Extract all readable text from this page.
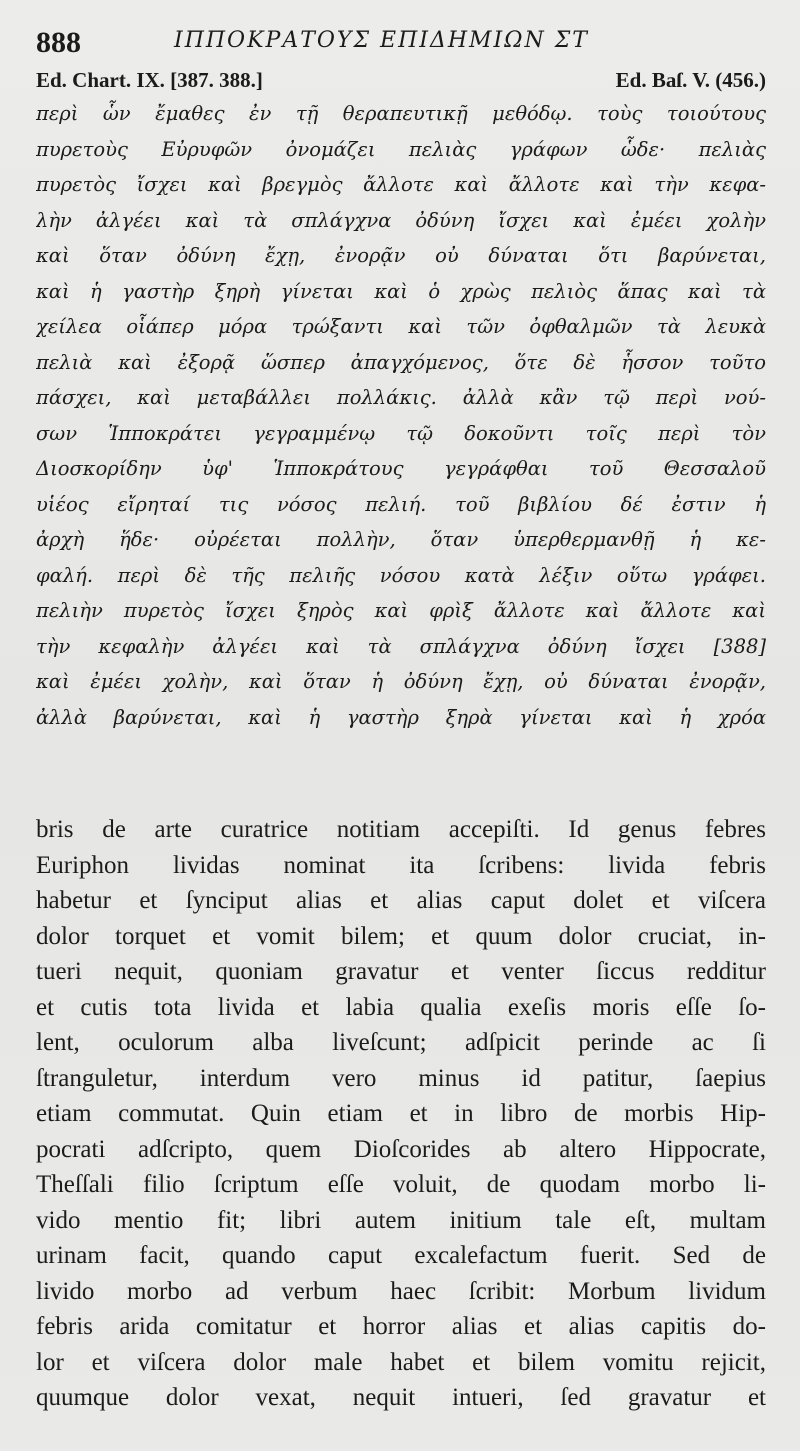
888	ΙΠΠΟΚΡΑΤΟΥΣ ΕΠΙΔΗΜΙΩΝ ΣΤ
Ed. Chart. IX. [387. 388.]	Ed. Baſ. V. (456.)
περὶ ὧν ἔμαθες ἐν τῇ θεραπευτικῇ μεθόδῳ. τοὺς τοιούτους
πυρετοὺς Εὐρυφῶν ὀνομάζει πελιὰς γράφων ὧδε· πελιὰς
πυρετὸς ἴσχει καὶ βρεγμὸς ἄλλοτε καὶ ἄλλοτε καὶ τὴν κεφα-
λὴν ἀλγέει καὶ τὰ σπλάγχνα ὀδύνη ἴσχει καὶ ἐμέει χολὴν
καὶ ὅταν ὀδύνη ἔχῃ, ἐνορᾷν οὐ δύναται ὅτι βαρύνεται,
καὶ ἡ γαστὴρ ξηρὴ γίνεται καὶ ὁ χρὼς πελιὸς ἅπας καὶ τὰ
χείλεα οἷάπερ μόρα τρώξαντι καὶ τῶν ὀφθαλμῶν τὰ λευκὰ
πελιὰ καὶ ἐξορᾷ ὥσπερ ἀπαγχόμενος, ὅτε δὲ ἧσσον τοῦτο
πάσχει, καὶ μεταβάλλει πολλάκις. ἀλλὰ κἂν τῷ περὶ νού-
σων Ἱπποκράτει γεγραμμένῳ τῷ δοκοῦντι τοῖς περὶ τὸν
Διοσκορίδην ὑφ' Ἱπποκράτους γεγράφθαι τοῦ Θεσσαλοῦ
υἱέος εἴρηταί τις νόσος πελιή. τοῦ βιβλίου δέ ἐστιν ἡ
ἀρχὴ ἥδε· οὐρέεται πολλὴν, ὅταν ὑπερθερμανθῇ ἡ κε-
φαλή. περὶ δὲ τῆς πελιῆς νόσου κατὰ λέξιν οὕτω γράφει.
πελιὴν πυρετὸς ἴσχει ξηρὸς καὶ φρὶξ ἄλλοτε καὶ ἄλλοτε καὶ
τὴν κεφαλὴν ἀλγέει καὶ τὰ σπλάγχνα ὀδύνη ἴσχει [388]
καὶ ἐμέει χολὴν, καὶ ὅταν ἡ ὀδύνη ἔχῃ, οὐ δύναται ἐνορᾷν,
ἀλλὰ βαρύνεται, καὶ ἡ γαστὴρ ξηρὰ γίνεται καὶ ἡ χρόα
bris de arte curatrice notitiam accepiſti. Id genus febres
Euriphon lividas nominat ita ſcribens: livida febris
habetur et ſynciput alias et alias caput dolet et viſcera
dolor torquet et vomit bilem; et quum dolor cruciat, in-
tueri nequit, quoniam gravatur et venter ſiccus redditur
et cutis tota livida et labia qualia exeſis moris eſſe ſo-
lent, oculorum alba liveſcunt; adſpicit perinde ac ſi
ſtranguletur, interdum vero minus id patitur, ſaepius
etiam commutat. Quin etiam et in libro de morbis Hip-
pocrati adſcripto, quem Dioſcorides ab altero Hippocrate,
Theſſali filio ſcriptum eſſe voluit, de quodam morbo li-
vido mentio fit; libri autem initium tale eſt, multam
urinam facit, quando caput excalefactum fuerit. Sed de
livido morbo ad verbum haec ſcribit: Morbum lividum
febris arida comitatur et horror alias et alias capitis do-
lor et viſcera dolor male habet et bilem vomitu rejicit,
quumque dolor vexat, nequit intueri, ſed gravatur et
